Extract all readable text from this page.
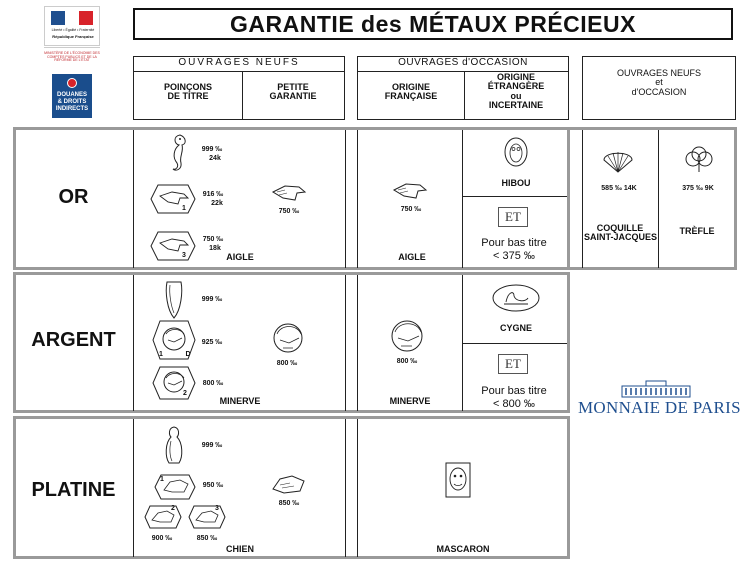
Liberté • Égalité • Fraternité
République Française
MINISTÈRE DE L'ÉCONOMIE DES COMPTES PUBLICS ET DE LA RÉFORME DE L'ÉTAT
DOUANES
& DROITS
INDIRECTS
GARANTIE des MÉTAUX PRÉCIEUX
OUVRAGES NEUFS
POINÇONS
DE TITRE
PETITE
GARANTIE
OUVRAGES d'OCCASION
ORIGINE
FRANÇAISE
ORIGINE
ÉTRANGÈRE
ou
INCERTAINE
OUVRAGES NEUFS
et
d'OCCASION
OR
ARGENT
PLATINE
999 ‰
24k
1
916 ‰
22k
3
750 ‰
18k
750 ‰
AIGLE
750 ‰
AIGLE
HIBOU
ET
Pour bas titre
< 375 ‰
585 ‰ 14K
COQUILLE
SAINT-JACQUES
375 ‰ 9K
TRÈFLE
999 ‰
1	D
925 ‰
2
800 ‰
800 ‰
MINERVE
800 ‰
MINERVE
CYGNE
ET
Pour bas titre
< 800 ‰
999 ‰
1
950 ‰
2
900 ‰
3
850 ‰
850 ‰
CHIEN	MASCARON
MONNAIE DE PARIS
